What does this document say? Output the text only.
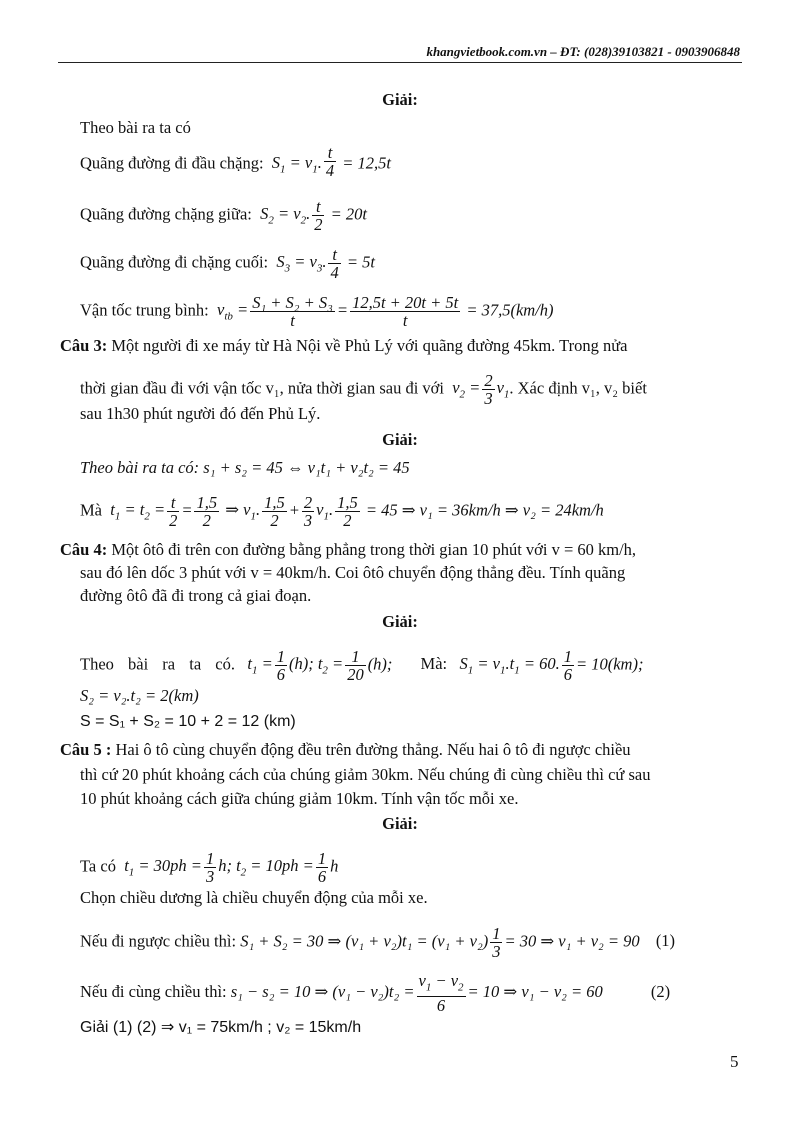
khangvietbook.com.vn – ĐT: (028)39103821 - 0903906848
Giải:
Theo bài ra ta có
Quãng đường đi đầu chặng:  $S_1 = v_1$. $\frac{t}{4} = 12,5t$
Quãng đường chặng giữa:  $S_2 = v_2$. $\frac{t}{2} = 20t$
Quãng đường đi chặng cuối:  $S_3 = v_3$. $\frac{t}{4} = 5t$
Vận tốc trung bình:  $v_{tb} = \frac{\text{S₁ + S₂ + S₃}}{t} = \frac{12,5t + 20t + 5t}{t} = 37,5(km/h)$
Câu 3: Một người đi xe máy từ Hà Nội về Phủ Lý với quãng đường 45km. Trong nửa
thời gian đầu đi với vận tốc v₁, nửa thời gian sau đi với  $v_2 = \frac{2}{3} v_1$. Xác định v₁, v₂ biết
sau 1h30 phút người đó đến Phủ Lý.
Giải:
Theo bài ra ta có: s₁ + s₂ = 45 ⇔ v₁t₁ + v₂t₂ = 45
Mà  $t_1 = t_2 = \frac{t}{2} = \frac{1,5}{2}$ ⇒ $v_1$. $\frac{1,5}{2} + \frac{2}{3} v_1$. $\frac{1,5}{2} = 45$ ⇒ v₁ = 36km/h ⇒ v₂ = 24km/h
Câu 4: Một ôtô đi trên con đường bằng phẳng trong thời gian 10 phút với v = 60 km/h,
sau đó lên dốc 3 phút với v = 40km/h. Coi ôtô chuyển động thẳng đều. Tính quãng
đường ôtô đã đi trong cả giai đoạn.
Giải:
Theo bài ra ta có.   $t_1 = \frac{1}{6} (h)$; $t_2 = \frac{1}{20} (h)$; Mà:   $S_1 = v_1.t_1 = 60$. $\frac{1}{6} = 10(km)$;
S₂ = v₂.t₂ = 2(km)
S = S₁ + S₂ = 10 + 2 = 12 (km)
Câu 5 : Hai ô tô cùng chuyển động đều trên đường thẳng. Nếu hai ô tô đi ngược chiều
thì cứ 20 phút khoảng cách của chúng giảm 30km. Nếu chúng đi cùng chiều thì cứ sau
10 phút khoảng cách giữa chúng giảm 10km. Tính vận tốc mỗi xe.
Giải:
Ta có  $t_1 = 30ph = \frac{1}{3} h$; $t_2 = 10ph = \frac{1}{6}$ h
Chọn chiều dương là chiều chuyển động của mỗi xe.
Nếu đi ngược chiều thì: S₁ + S₂ = 30 ⇒ $(v_1 + v_2)t_1 = (v_1 + v_2) \frac{1}{3} = 30$ ⇒ v₁ + v₂ = 90 (1)
Nếu đi cùng chiều thì: s₁ − s₂ = 10 ⇒ $(v_1 - v_2)t_2 = \frac{v_1 - v_2}{6} = 10$ ⇒ v₁ − v₂ = 60	(2)
Giải (1) (2) ⇒ v₁ = 75km/h ; v₂ = 15km/h
5
